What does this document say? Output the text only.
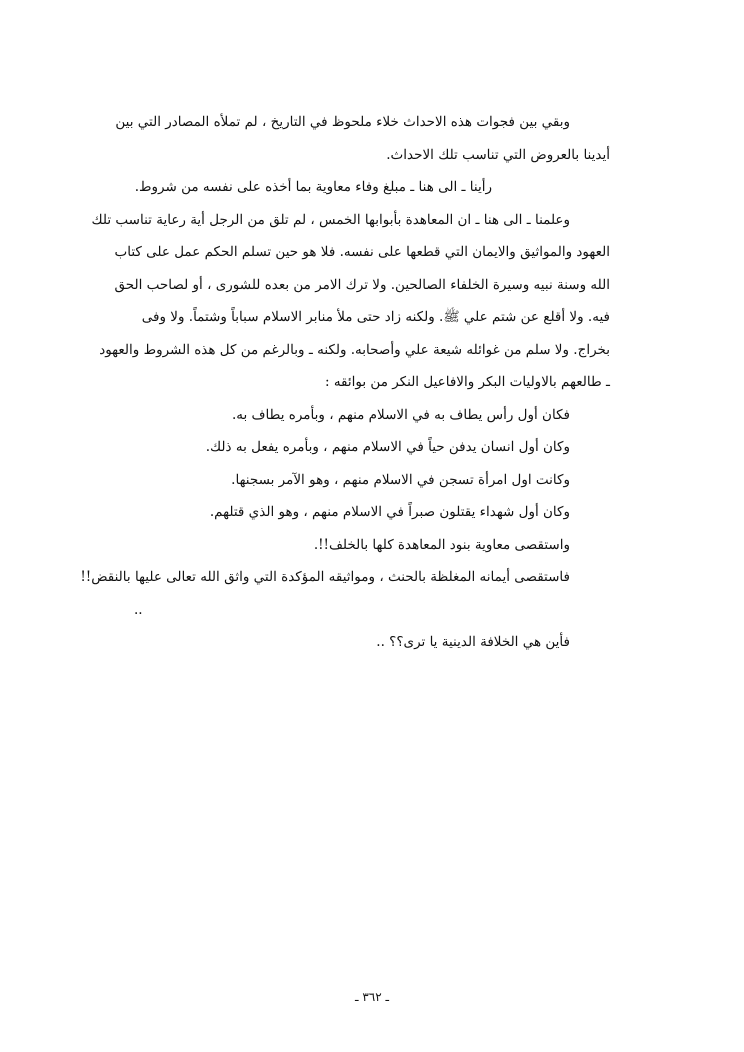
وبقي بين فجوات هذه الاحداث خلاء ملحوظ في التاريخ ، لم تملأه المصادر التي بين
أيدينا بالعروض التي تناسب تلك الاحداث.
رأينا ـ الى هنا ـ مبلغ وفاء معاوية بما أخذه على نفسه من شروط.
وعلمنا ـ الى هنا ـ ان المعاهدة بأبوابها الخمس ، لم تلق من الرجل أية رعاية تناسب تلك
العهود والمواثيق والايمان التي قطعها على نفسه. فلا هو حين تسلم الحكم عمل على كتاب
الله وسنة نبيه وسيرة الخلفاء الصالحين. ولا ترك الامر من بعده للشورى ، أو لصاحب الحق
فيه. ولا أقلع عن شتم علي ﷺ. ولكنه زاد حتى ملأ منابر الاسلام سباباً وشتماً. ولا وفى
بخراج. ولا سلم من غوائله شيعة علي وأصحابه. ولكنه ـ وبالرغم من كل هذه الشروط والعهود
ـ طالعهم بالاوليات البكر والافاعيل النكر من بوائقه :
فكان أول رأس يطاف به في الاسلام منهم ، وبأمره يطاف به.
وكان أول انسان يدفن حياً في الاسلام منهم ، وبأمره يفعل به ذلك.
وكانت اول امرأة تسجن في الاسلام منهم ، وهو الآمر بسجنها.
وكان أول شهداء يقتلون صبراً في الاسلام منهم ، وهو الذي قتلهم.
واستقصى معاوية بنود المعاهدة كلها بالخلف!!.
فاستقصى أيمانه المغلظة بالحنث ، ومواثيقه المؤكدة التي واثق الله تعالى عليها بالنقض!!
..
فأين هي الخلافة الدينية يا ترى؟؟ ..
ـ ٣٦٢ ـ
